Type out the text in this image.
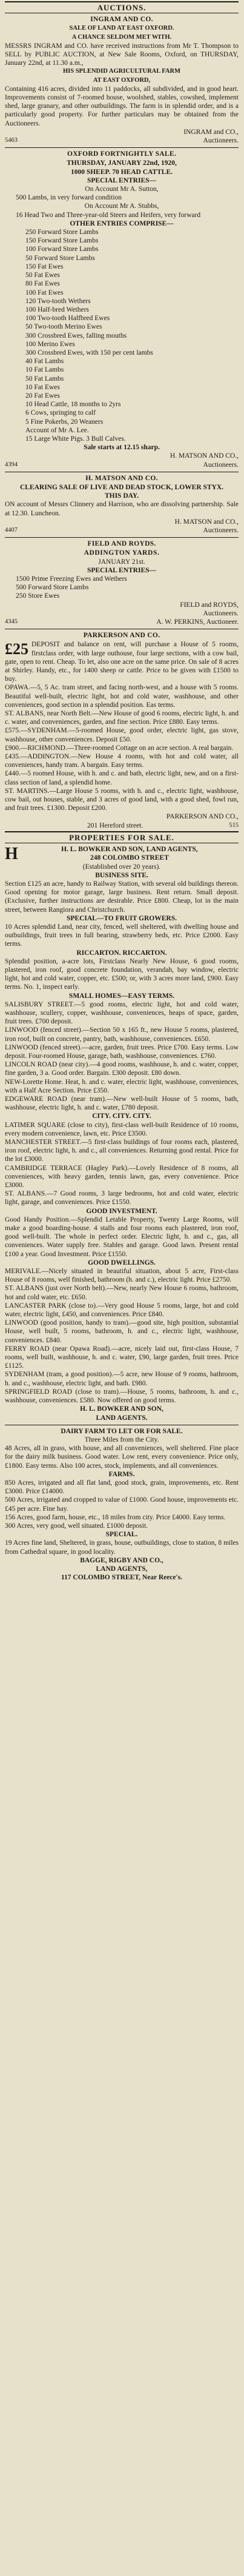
AUCTIONS.
INGRAM AND CO.
SALE OF LAND AT EAST OXFORD.
A CHANCE SELDOM MET WITH.
MESSRS INGRAM and CO. have received instructions from Mr T. Thompson to SELL by PUBLIC AUCTION, at New Sale Rooms, Oxford, on THURSDAY, January 22nd, at 11.30 a.m.,
HIS SPLENDID AGRICULTURAL FARM
AT EAST OXFORD,
Containing 416 acres, divided into 11 paddocks, all subdivided, and in good heart. Improvements consist of 7-roomed house, woolshed, stables, cowshed, implement shed, large granary, and other outbuildings. The farm is in splendid order, and is a particularly good property. For further particulars may be obtained from the Auctioneers.
INGRAM and CO.,
5463	Auctioneers.
OXFORD FORTNIGHTLY SALE.
THURSDAY, JANUARY 22nd, 1920,
1000 SHEEP. 70 HEAD CATTLE.
SPECIAL ENTRIES—
On Account Mr A. Sutton,
500 Lambs, in very forward condition
On Account Mr A. Stubbs,
16 Head Two and Three-year-old Steers and Heifers, very forward
OTHER ENTRIES COMPRISE—
250 Forward Store Lambs
150 Forward Store Lambs
100 Forward Store Lambs
50 Forward Store Lambs
150 Fat Ewes
50 Fat Ewes
80 Fat Ewes
100 Fat Ewes
120 Two-tooth Wethers
100 Half-bred Wethers
100 Two-tooth Halfbred Ewes
50 Two-tooth Merino Ewes
300 Crossbred Ewes, falling mouths
100 Merino Ewes
300 Crossbred Ewes, with 150 per cent lambs
40 Fat Lambs
10 Fat Lambs
50 Fat Lambs
10 Fat Ewes
20 Fat Ewes
10 Head Cattle, 18 months to 2yrs
6 Cows, springing to calf
5 Fine Pokerbs, 20 Weaners
Account of Mr A. Lee.
15 Large White Pigs. 3 Bull Calves.
Sale starts at 12.15 sharp.
H. MATSON AND CO.,
4394	Auctioneers.
H. MATSON AND CO.
CLEARING SALE OF LIVE AND DEAD STOCK, LOWER STYX.
THIS DAY.
ON account of Messrs Clinnery and Harrison, who are dissolving partnership. Sale at 12.30. Luncheon.
H. MATSON and CO.,
4407	Auctioneers.
FIELD AND ROYDS.
ADDINGTON YARDS.
JANUARY 21st.
SPECIAL ENTRIES—
1500 Prime Freezing Ewes and Wethers
500 Forward Store Lambs
250 Store Ewes
FIELD and ROYDS,
Auctioneers.
4345	A. W. PERKINS, Auctioneer.
PARKERSON AND CO.
£25 DEPOSIT and balance on rent, will purchase a House of 5 rooms, firstclass order, with large outhouse, four large sections, with a cow bail, gate, open to rent. Cheap. To let, also one acre on the same price. On sale of 8 acres at Shirley. Handy, etc., for 1400 sheep or cattle. Price to be given with £1500 to buy.
OPAWA.—5, 5 Ac. tram street, and facing north-west, and a house with 5 rooms. Beautiful well-built, electric light, hot and cold water, washhouse, and other conveniences, good section in a splendid position. Eas terms.
ST. ALBANS, near North Belt.—New House of good 6 rooms, electric light, h. and c. water, and conveniences, garden, and fine section. Price £880. Easy terms.
£575.—SYDENHAM.—5-roomed House, good order, electric light, gas stove, washhouse, other conveniences. Deposit £50.
£900.—RICHMOND.—Three-roomed Cottage on an acre section. A real bargain.
£435.—ADDINGTON.—New House 4 rooms, with hot and cold water, all conveniences, handy tram. A bargain. Easy terms.
£440.—5 roomed House, with h. and c. and bath, electric light, new, and on a first-class section of land, a splendid home.
ST. MARTINS.—Large House 5 rooms, with h. and c., electric light, washhouse, cow bail, out houses, stable, and 3 acres of good land, with a good shed, fowl run, and fruit trees. £1300. Deposit £200.
PARKERSON AND CO.,
515
201 Hereford street.
PROPERTIES FOR SALE.
H	H. L. BOWKER AND SON, LAND AGENTS,
248 COLOMBO STREET
(Established over 20 years).
BUSINESS SITE.
Section £125 an acre, handy to Railway Station, with several old buildings thereon. Good opening for motor garage, large business. Rent return. Small deposit. (Exclusive, further instructions are desirable. Price £800. Cheap, lot in the main street, between Rangiora and Christchurch.
SPECIAL—TO FRUIT GROWERS.
10 Acres splendid Land, near city, fenced, well sheltered, with dwelling house and outbuildings, fruit trees in full bearing, strawberry beds, etc. Price £2000. Easy terms.
RICCARTON. RICCARTON.
Splendid position, a-acre lots, Firstclass Nearly New House, 6 good rooms, plastered, iron roof, good concrete foundation, verandah, bay window, electric light, hot and cold water, copper, etc. £500; or, with 3 acres more land, £900. Easy terms. No. 1, inspect early.
SMALL HOMES—EASY TERMS.
SALISBURY STREET.—5 good rooms, electric light, hot and cold water, washhouse, scullery, copper, washhouse, conveniences, heaps of space, garden, fruit trees. £700 deposit.
LINWOOD (fenced street).—Section 50 x 165 ft., new House 5 rooms, plastered, iron roof, built on concrete, pantry, bath, washhouse, conveniences. £650.
LINWOOD (fenced street).—acre, garden, fruit trees. Price £700. Easy terms. Low deposit. Four-roomed House, garage, bath, washhouse, conveniences. £760.
LINCOLN ROAD (near city).—4 good rooms, washhouse, h. and c. water, copper, fine garden, 3 a. Good order. Bargain. £300 deposit. £80 down.
NEW-Lorette Home. Heat, h. and c. water, electric light, washhouse, conveniences, with a Half Acre Section. Price £350.
EDGEWARE ROAD (near tram).—New well-built House of 5 rooms, bath, washhouse, electric light, h. and c. water, £780 deposit.
CITY. CITY. CITY.
LATIMER SQUARE (close to city), first-class well-built Residence of 10 rooms, every modern convenience, lawn, etc. Price £3500.
MANCHESTER STREET.—5 first-class buildings of four rooms each, plastered, iron roof, electric light, h. and c., all conveniences. Returning good rental. Price for the lot £3000.
CAMBRIDGE TERRACE (Hagley Park).—Lovely Residence of 8 rooms, all conveniences, with heavy garden, tennis lawn, gas, every convenience. Price £3000.
ST. ALBANS.—7 Good rooms, 3 large bedrooms, hot and cold water, electric light, garage, and conveniences. Price £1550.
GOOD INVESTMENT.
Good Handy Position.—Splendid Letable Property, Twenty Large Rooms, will make a good boarding-house. 4 stalls and four rooms each plastered, iron roof, good well-built. The whole in perfect order. Electric light, h. and c., gas, all conveniences. Water supply free. Stables and garage. Good lawn. Present rental £100 a year. Good Investment. Price £1550.
GOOD DWELLINGS.
MERIVALE.—Nicely situated in beautiful situation, about 5 acre, First-class House of 8 rooms, well finished, bathroom (h. and c.), electric light. Price £2750.
ST. ALBANS (just over North belt).—New, nearly New House 6 rooms, bathroom, hot and cold water, etc. £650.
LANCASTER PARK (close to).—Very good House 5 rooms, large, hot and cold water, electric light, £450, and conveniences. Price £840.
LINWOOD (good position, handy to tram).—good site, high position, substantial House, well built, 5 rooms, bathroom, h. and c., electric light, washhouse, conveniences. £840.
FERRY ROAD (near Opawa Road).—acre, nicely laid out, first-class House, 7 rooms, well built, washhouse, h. and c. water, £90, large garden, fruit trees. Price £1125.
SYDENHAM (tram, a good position).—5 acre, new House of 9 rooms, bathroom, h. and c., washhouse, electric light, and bath. £980.
SPRINGFIELD ROAD (close to tram).—House, 5 rooms, bathroom, h. and c., washhouse, conveniences. £580. Now offered on good terms.
H. L. BOWKER AND SON,
LAND AGENTS.
DAIRY FARM TO LET OR FOR SALE.
Three Miles from the City.
48 Acres, all in grass, with house, and all conveniences, well sheltered. Fine place for the dairy milk business. Good water. Low rent, every convenience. Price only, £1800. Easy terms. Also 100 acres, stock, implements, and all conveniences.
FARMS.
850 Acres, irrigated and all flat land, good stock, grain, improvements, etc. Rent £3000. Price £14000.
500 Acres, irrigated and cropped to value of £1000. Good house, improvements etc. £45 per acre. Fine hay.
156 Acres, good farm, house, etc., 18 miles from city. Price £4000. Easy terms.
300 Acres, very good, well situated. £1000 deposit.
SPECIAL.
19 Acres fine land, Sheltered, in grass, house, outbuildings, close to station, 8 miles from Cathedral square, in good locality.
BAGGE, RIGBY AND CO.,
LAND AGENTS,
117 COLOMBO STREET, Near Reece's.
